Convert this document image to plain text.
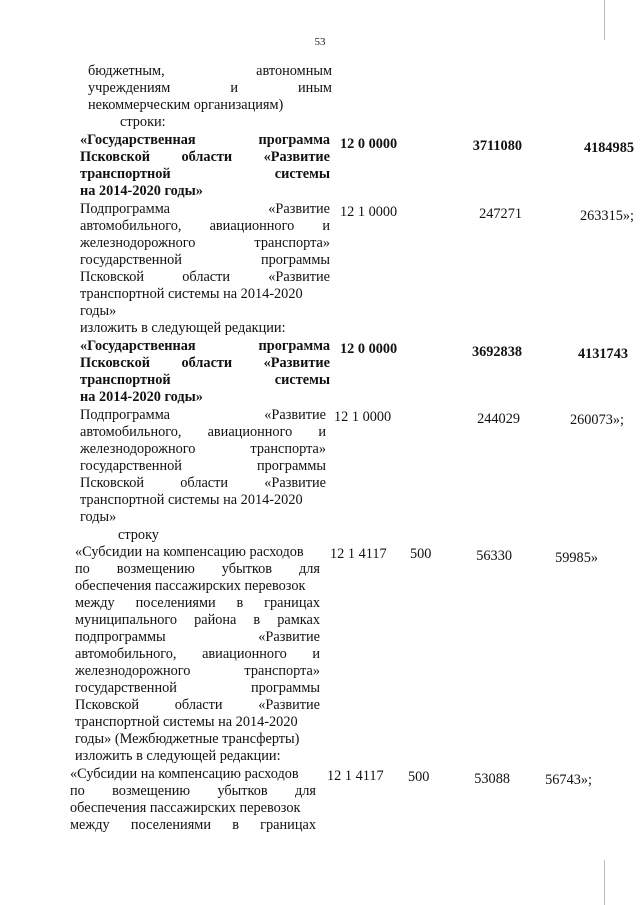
53
бюджетным,	автономным
учреждениям	и	иным
некоммерческим организациям)
строки:
«Государственная	программа
Псковской области «Развитие
транспортной	системы
на 2014-2020 годы»
12 0 0000	3711080	4184985
Подпрограмма	«Развитие
автомобильного, авиационного и
железнодорожного	транспорта»
государственной	программы
Псковской	области	«Развитие
транспортной системы на 2014-2020
годы»
12 1 0000	247271	263315»;
изложить в следующей редакции:
«Государственная	программа
Псковской области «Развитие
транспортной	системы
на 2014-2020 годы»
12 0 0000	3692838	4131743
Подпрограмма	«Развитие
автомобильного, авиационного и
железнодорожного	транспорта»
государственной	программы
Псковской	области	«Развитие
транспортной системы на 2014-2020
годы»
12 1 0000	244029	260073»;
строку
«Субсидии на компенсацию расходов
по возмещению убытков для
обеспечения пассажирских перевозок
между поселениями в границах
муниципального района в рамках
подпрограммы	«Развитие
автомобильного, авиационного и
железнодорожного	транспорта»
государственной	программы
Псковской области «Развитие
транспортной системы на 2014-2020
годы» (Межбюджетные трансферты)
12 1 4117 500	56330	59985»
изложить в следующей редакции:
«Субсидии на компенсацию расходов
по возмещению убытков для
обеспечения пассажирских перевозок
между поселениями в границах
12 1 4117 500	53088	56743»;
